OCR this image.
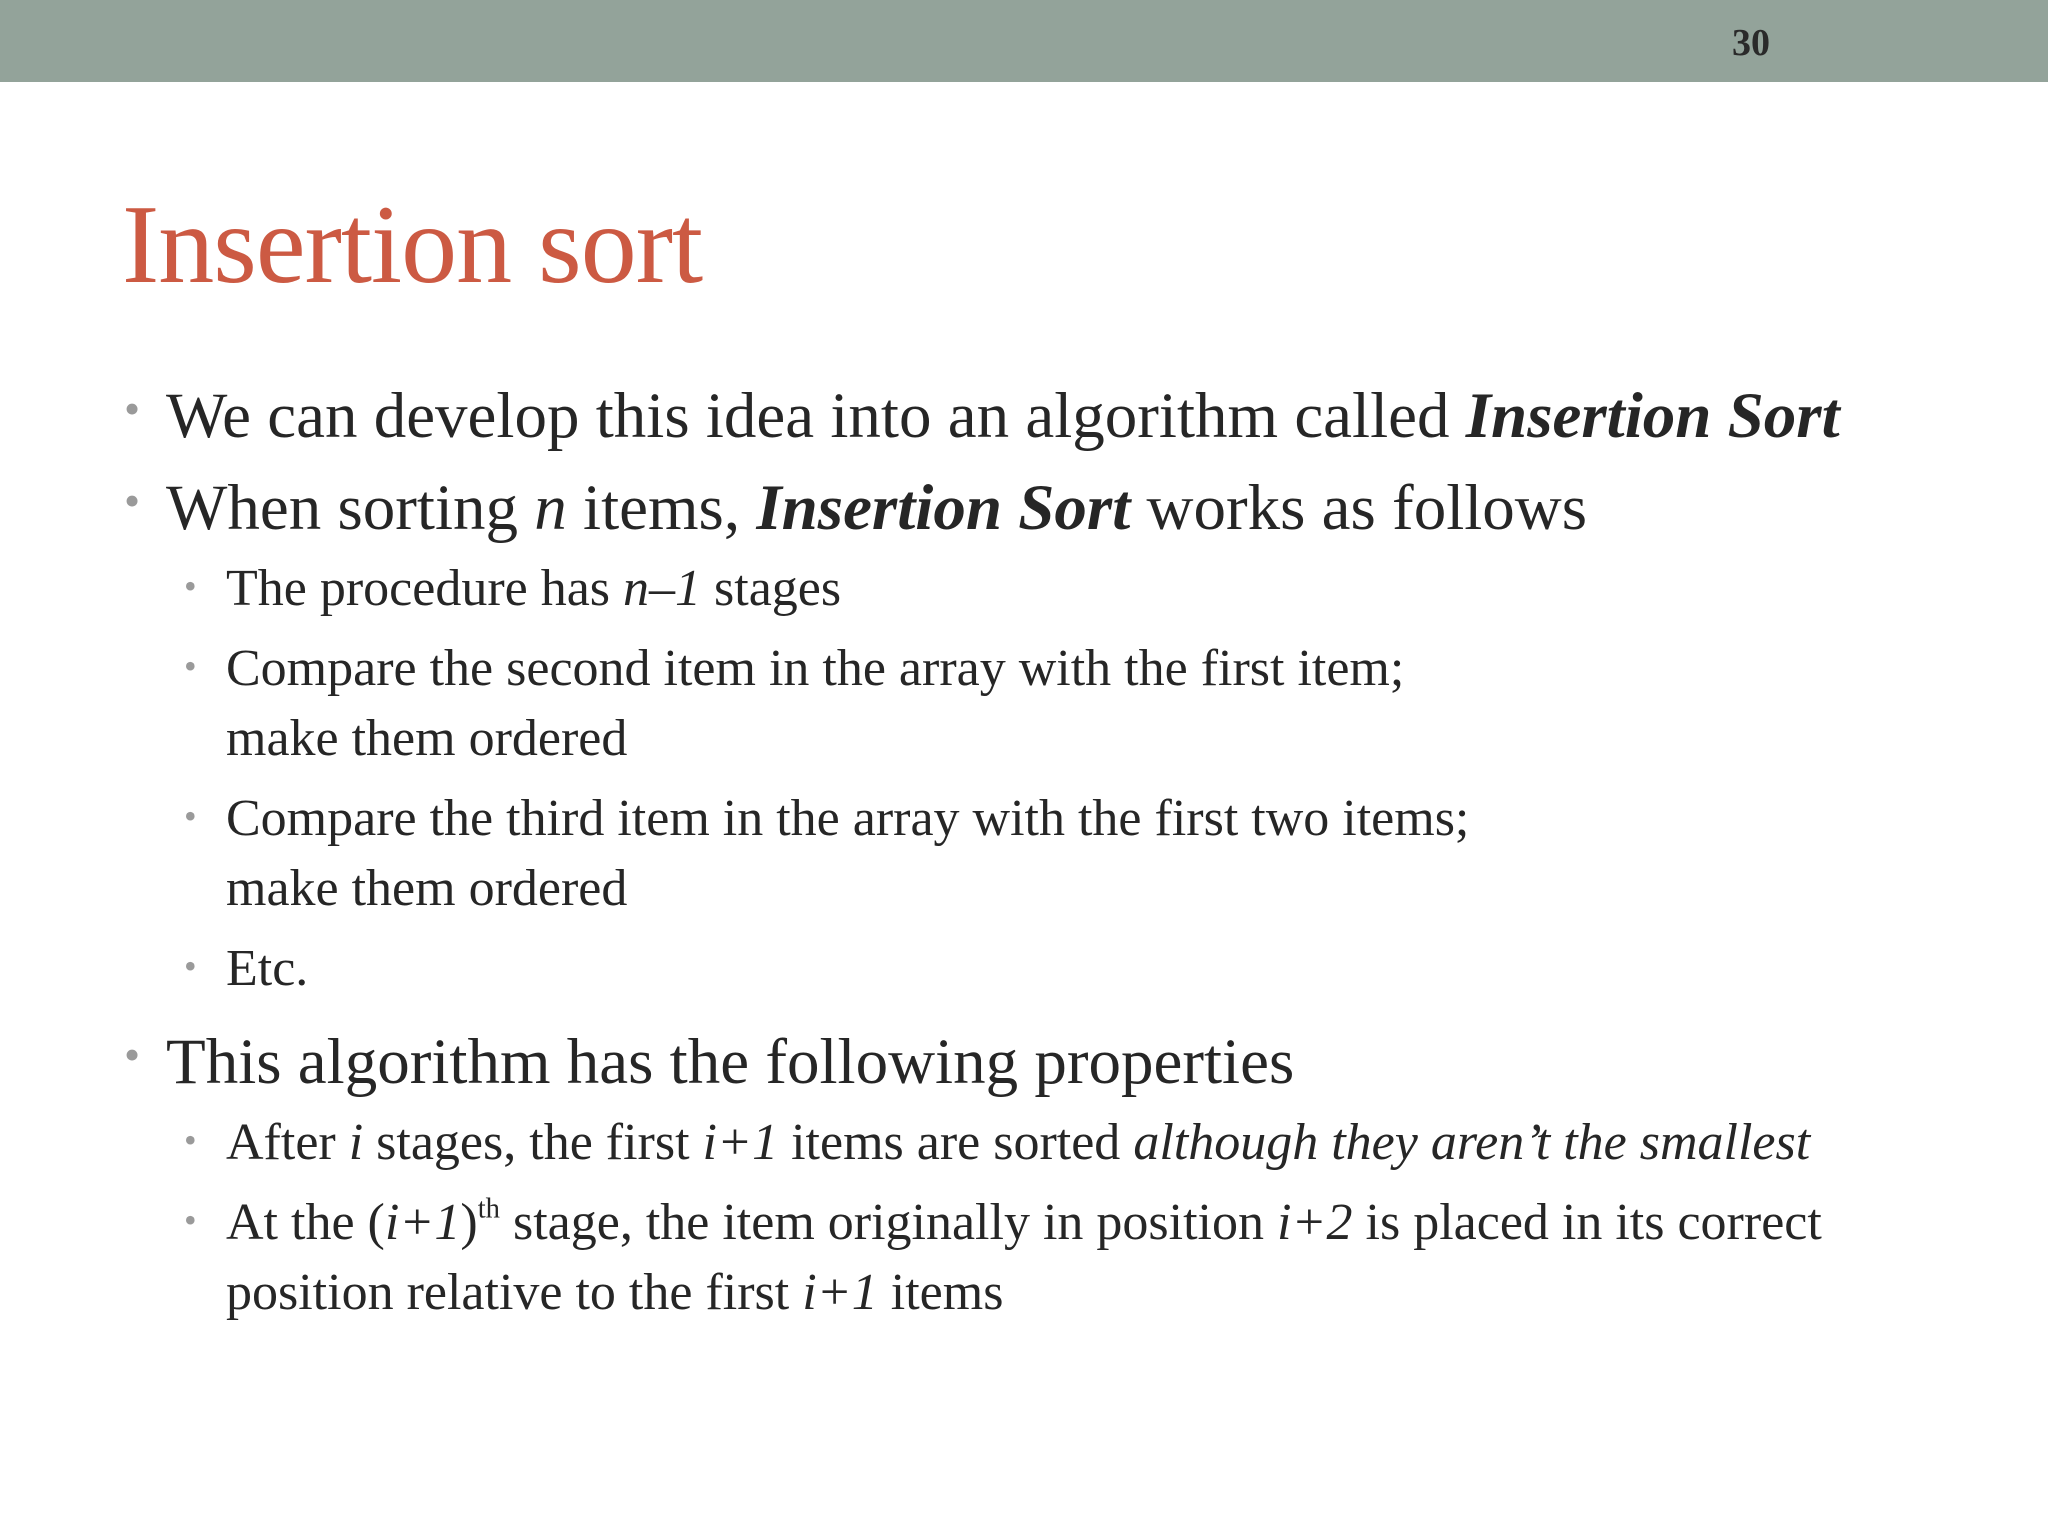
30
Insertion sort
• We can develop this idea into an algorithm called Insertion Sort
• When sorting n items, Insertion Sort works as follows
• The procedure has n–1 stages
• Compare the second item in the array with the first item;
make them ordered
• Compare the third item in the array with the first two items;
make them ordered
• Etc.
• This algorithm has the following properties
• After i stages, the first i+1 items are sorted although they aren’t the smallest
• At the $(i+1)^{th}$ stage, the item originally in position i+2 is placed in its correct
position relative to the first i+1 items
